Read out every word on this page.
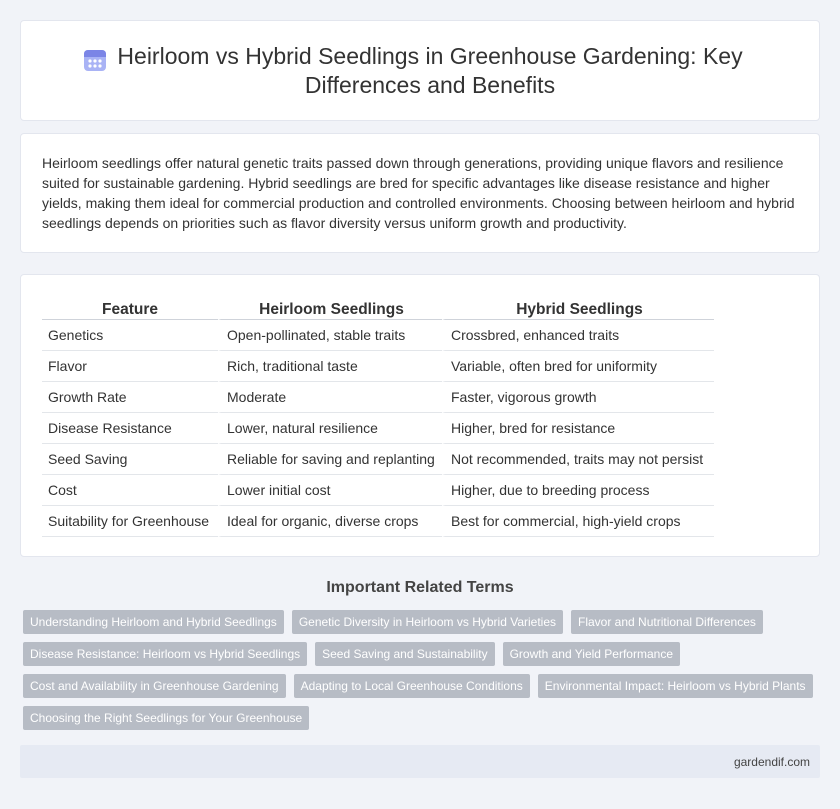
Heirloom vs Hybrid Seedlings in Greenhouse Gardening: Key Differences and Benefits

Heirloom seedlings offer natural genetic traits passed down through generations, providing unique flavors and resilience suited for sustainable gardening. Hybrid seedlings are bred for specific advantages like disease resistance and higher yields, making them ideal for commercial production and controlled environments. Choosing between heirloom and hybrid seedlings depends on priorities such as flavor diversity versus uniform growth and productivity.

Feature	Heirloom Seedlings	Hybrid Seedlings
Genetics	Open-pollinated, stable traits	Crossbred, enhanced traits
Flavor	Rich, traditional taste	Variable, often bred for uniformity
Growth Rate	Moderate	Faster, vigorous growth
Disease Resistance	Lower, natural resilience	Higher, bred for resistance
Seed Saving	Reliable for saving and replanting	Not recommended, traits may not persist
Cost	Lower initial cost	Higher, due to breeding process
Suitability for Greenhouse	Ideal for organic, diverse crops	Best for commercial, high-yield crops
Important Related Terms
Understanding Heirloom and Hybrid Seedlings	Genetic Diversity in Heirloom vs Hybrid Varieties	Flavor and Nutritional Differences
Disease Resistance: Heirloom vs Hybrid Seedlings	Seed Saving and Sustainability	Growth and Yield Performance
Cost and Availability in Greenhouse Gardening	Adapting to Local Greenhouse Conditions	Environmental Impact: Heirloom vs Hybrid Plants
Choosing the Right Seedlings for Your Greenhouse
gardendif.com
